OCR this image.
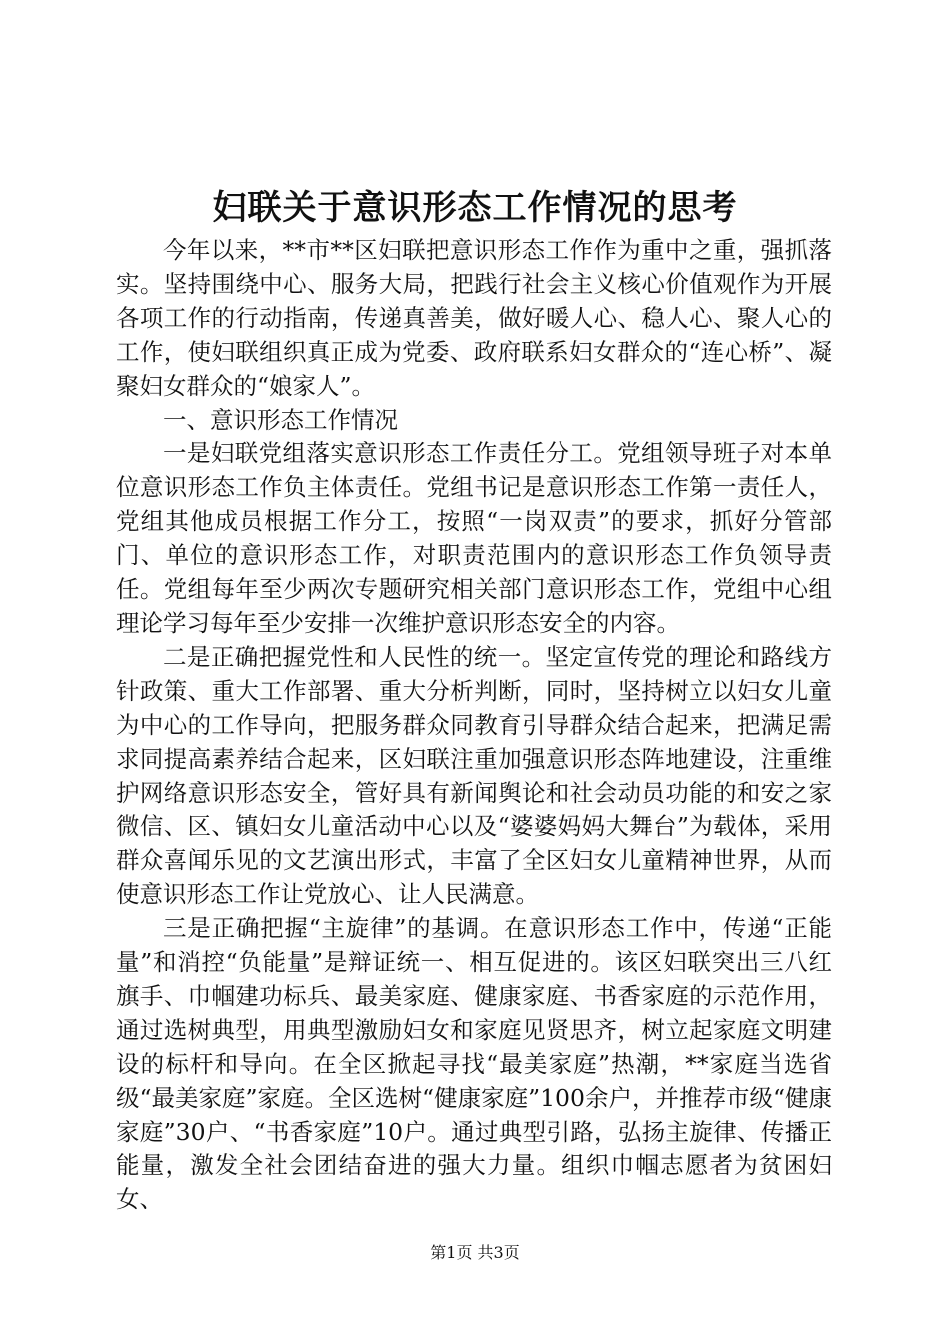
妇联关于意识形态工作情况的思考

今年以来，**市**区妇联把意识形态工作作为重中之重，强抓落实。坚持围绕中心、服务大局，把践行社会主义核心价值观作为开展各项工作的行动指南，传递真善美，做好暖人心、稳人心、聚人心的工作，使妇联组织真正成为党委、政府联系妇女群众的“连心桥”、凝聚妇女群众的“娘家人”。

一、意识形态工作情况

一是妇联党组落实意识形态工作责任分工。党组领导班子对本单位意识形态工作负主体责任。党组书记是意识形态工作第一责任人，党组其他成员根据工作分工，按照“一岗双责”的要求，抓好分管部门、单位的意识形态工作，对职责范围内的意识形态工作负领导责任。党组每年至少两次专题研究相关部门意识形态工作，党组中心组理论学习每年至少安排一次维护意识形态安全的内容。

二是正确把握党性和人民性的统一。坚定宣传党的理论和路线方针政策、重大工作部署、重大分析判断，同时，坚持树立以妇女儿童为中心的工作导向，把服务群众同教育引导群众结合起来，把满足需求同提高素养结合起来，区妇联注重加强意识形态阵地建设，注重维护网络意识形态安全，管好具有新闻舆论和社会动员功能的和安之家微信、区、镇妇女儿童活动中心以及“婆婆妈妈大舞台”为载体，采用群众喜闻乐见的文艺演出形式，丰富了全区妇女儿童精神世界，从而使意识形态工作让党放心、让人民满意。

三是正确把握“主旋律”的基调。在意识形态工作中，传递“正能量”和消控“负能量”是辩证统一、相互促进的。该区妇联突出三八红旗手、巾帼建功标兵、最美家庭、健康家庭、书香家庭的示范作用，通过选树典型，用典型激励妇女和家庭见贤思齐，树立起家庭文明建设的标杆和导向。在全区掀起寻找“最美家庭”热潮，**家庭当选省级“最美家庭”家庭。全区选树“健康家庭”100余户，并推荐市级“健康家庭”30户、“书香家庭”10户。通过典型引路，弘扬主旋律、传播正能量，激发全社会团结奋进的强大力量。组织巾帼志愿者为贫困妇女、

第1页 共3页
